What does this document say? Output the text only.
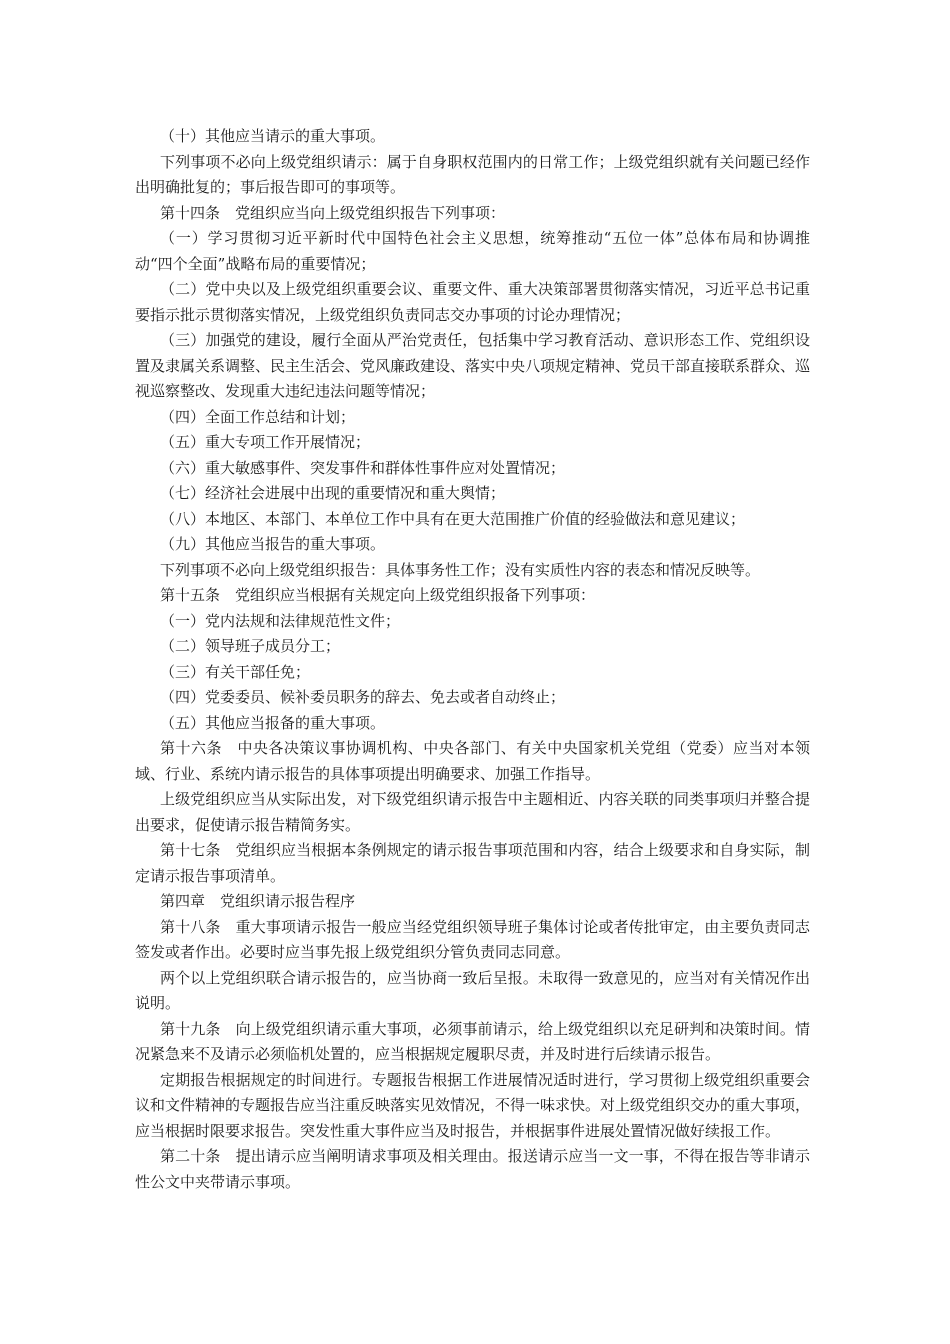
（十）其他应当请示的重大事项。

下列事项不必向上级党组织请示：属于自身职权范围内的日常工作；上级党组织就有关问题已经作出明确批复的；事后报告即可的事项等。

第十四条　党组织应当向上级党组织报告下列事项：

（一）学习贯彻习近平新时代中国特色社会主义思想，统筹推动“五位一体”总体布局和协调推动“四个全面”战略布局的重要情况；

（二）党中央以及上级党组织重要会议、重要文件、重大决策部署贯彻落实情况，习近平总书记重要指示批示贯彻落实情况，上级党组织负责同志交办事项的讨论办理情况；

（三）加强党的建设，履行全面从严治党责任，包括集中学习教育活动、意识形态工作、党组织设置及隶属关系调整、民主生活会、党风廉政建设、落实中央八项规定精神、党员干部直接联系群众、巡视巡察整改、发现重大违纪违法问题等情况；

（四）全面工作总结和计划；

（五）重大专项工作开展情况；

（六）重大敏感事件、突发事件和群体性事件应对处置情况；

（七）经济社会进展中出现的重要情况和重大舆情；

（八）本地区、本部门、本单位工作中具有在更大范围推广价值的经验做法和意见建议；

（九）其他应当报告的重大事项。

下列事项不必向上级党组织报告：具体事务性工作；没有实质性内容的表态和情况反映等。

第十五条　党组织应当根据有关规定向上级党组织报备下列事项：

（一）党内法规和法律规范性文件；

（二）领导班子成员分工；

（三）有关干部任免；

（四）党委委员、候补委员职务的辞去、免去或者自动终止；

（五）其他应当报备的重大事项。

第十六条　中央各决策议事协调机构、中央各部门、有关中央国家机关党组（党委）应当对本领域、行业、系统内请示报告的具体事项提出明确要求、加强工作指导。

上级党组织应当从实际出发，对下级党组织请示报告中主题相近、内容关联的同类事项归并整合提出要求，促使请示报告精简务实。

第十七条　党组织应当根据本条例规定的请示报告事项范围和内容，结合上级要求和自身实际，制定请示报告事项清单。

第四章　党组织请示报告程序

第十八条　重大事项请示报告一般应当经党组织领导班子集体讨论或者传批审定，由主要负责同志签发或者作出。必要时应当事先报上级党组织分管负责同志同意。

两个以上党组织联合请示报告的，应当协商一致后呈报。未取得一致意见的，应当对有关情况作出说明。

第十九条　向上级党组织请示重大事项，必须事前请示，给上级党组织以充足研判和决策时间。情况紧急来不及请示必须临机处置的，应当根据规定履职尽责，并及时进行后续请示报告。

定期报告根据规定的时间进行。专题报告根据工作进展情况适时进行，学习贯彻上级党组织重要会议和文件精神的专题报告应当注重反映落实见效情况，不得一味求快。对上级党组织交办的重大事项，应当根据时限要求报告。突发性重大事件应当及时报告，并根据事件进展处置情况做好续报工作。

第二十条　提出请示应当阐明请求事项及相关理由。报送请示应当一文一事，不得在报告等非请示性公文中夹带请示事项。
